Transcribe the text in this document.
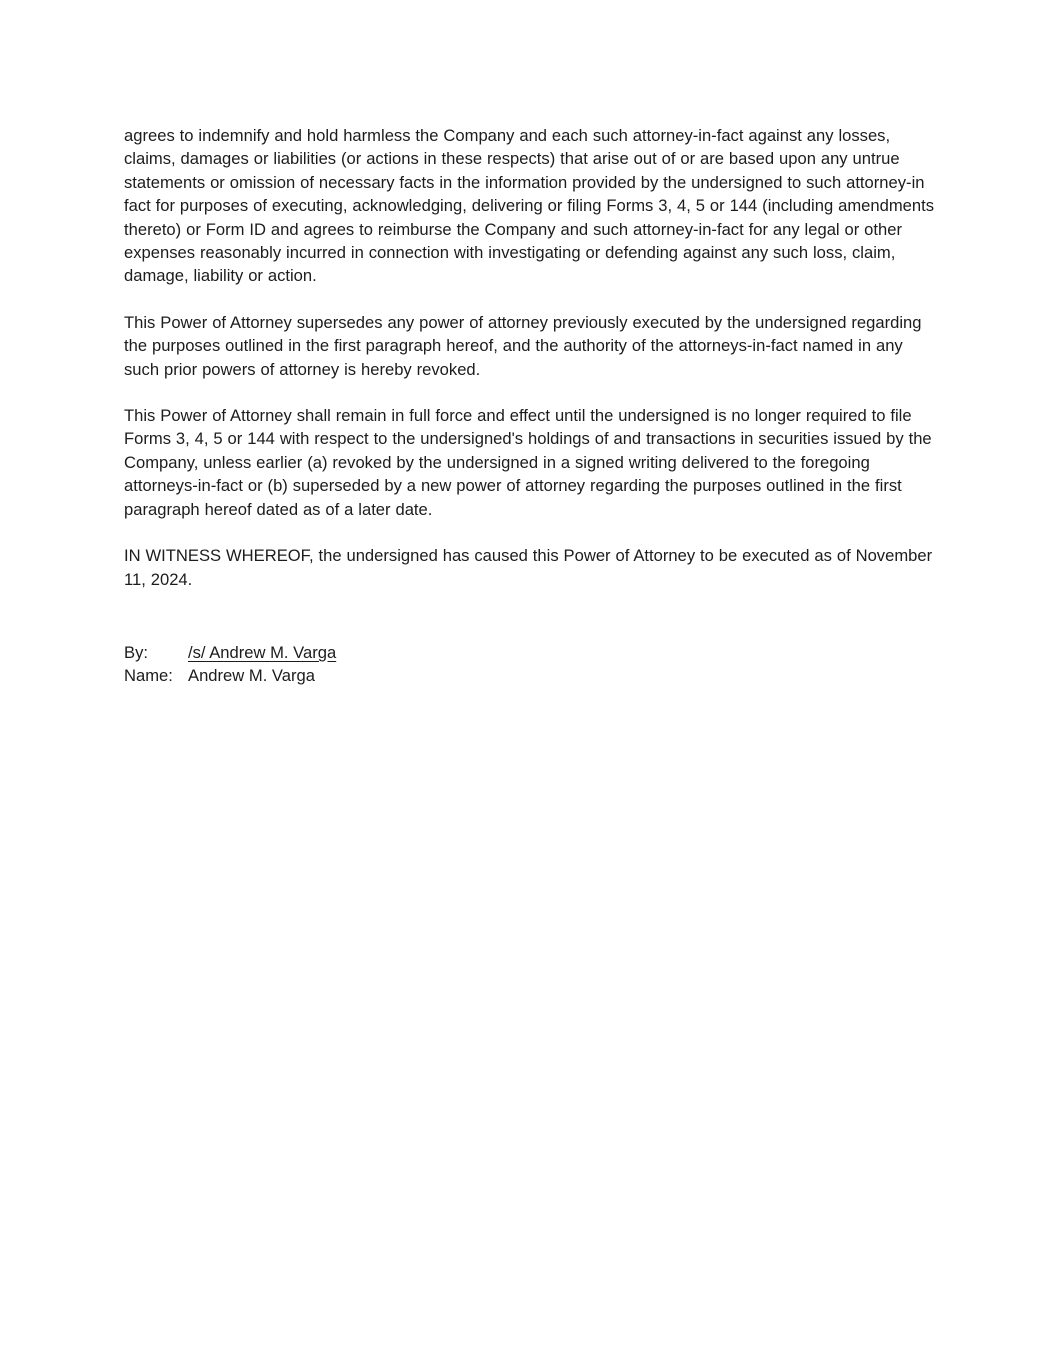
agrees to indemnify and hold harmless the Company and each such attorney-in-fact against any losses, claims, damages or liabilities (or actions in these respects) that arise out of or are based upon any untrue statements or omission of necessary facts in the information provided by the undersigned to such attorney-in fact for purposes of executing, acknowledging, delivering or filing Forms 3, 4, 5 or 144 (including amendments thereto) or Form ID and agrees to reimburse the Company and such attorney-in-fact for any legal or other expenses reasonably incurred in connection with investigating or defending against any such loss, claim, damage, liability or action.

This Power of Attorney supersedes any power of attorney previously executed by the undersigned regarding the purposes outlined in the first paragraph hereof, and the authority of the attorneys-in-fact named in any such prior powers of attorney is hereby revoked.

This Power of Attorney shall remain in full force and effect until the undersigned is no longer required to file Forms 3, 4, 5 or 144 with respect to the undersigned's holdings of and transactions in securities issued by the Company, unless earlier (a) revoked by the undersigned in a signed writing delivered to the foregoing attorneys-in-fact or (b) superseded by a new power of attorney regarding the purposes outlined in the first paragraph hereof dated as of a later date.

IN WITNESS WHEREOF, the undersigned has caused this Power of Attorney to be executed as of November 11, 2024.

By:	/s/ Andrew M. Varga
Name: Andrew M. Varga
